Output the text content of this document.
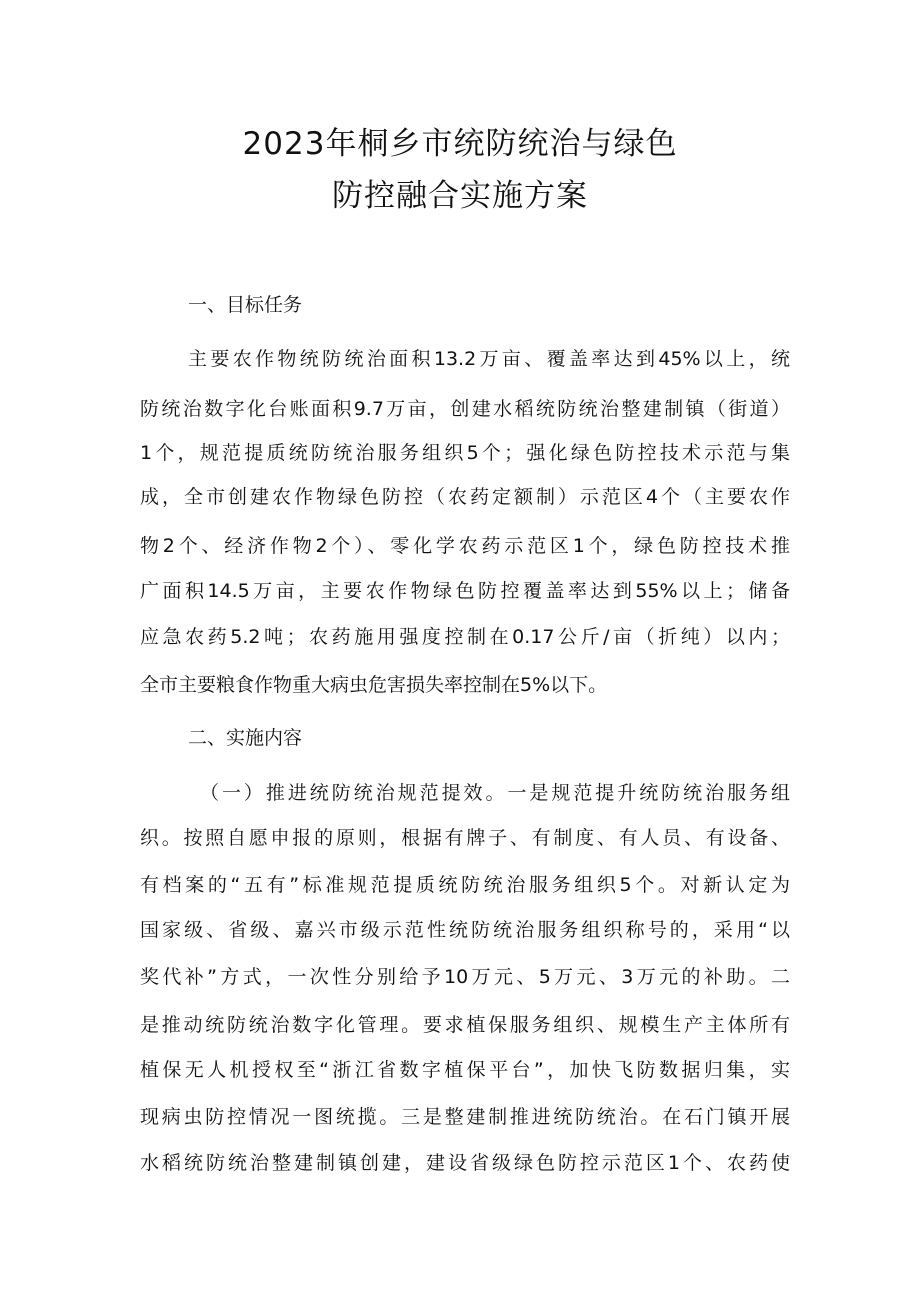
2023年桐乡市统防统治与绿色
防控融合实施方案
一、目标任务
主要农作物统防统治面积13.2万亩、覆盖率达到45%以上，统
防统治数字化台账面积9.7万亩，创建水稻统防统治整建制镇（街道）
1个，规范提质统防统治服务组织5个；强化绿色防控技术示范与集
成，全市创建农作物绿色防控（农药定额制）示范区4个（主要农作
物2个、经济作物2个）、零化学农药示范区1个，绿色防控技术推
广面积14.5万亩，主要农作物绿色防控覆盖率达到55%以上；储备
应急农药5.2吨；农药施用强度控制在0.17公斤/亩（折纯）以内；
全市主要粮食作物重大病虫危害损失率控制在5%以下。
二、实施内容
（一）推进统防统治规范提效。一是规范提升统防统治服务组
织。按照自愿申报的原则，根据有牌子、有制度、有人员、有设备、
有档案的“五有”标准规范提质统防统治服务组织5个。对新认定为
国家级、省级、嘉兴市级示范性统防统治服务组织称号的，采用“以
奖代补”方式，一次性分别给予10万元、5万元、3万元的补助。二
是推动统防统治数字化管理。要求植保服务组织、规模生产主体所有
植保无人机授权至“浙江省数字植保平台”，加快飞防数据归集，实
现病虫防控情况一图统揽。三是整建制推进统防统治。在石门镇开展
水稻统防统治整建制镇创建，建设省级绿色防控示范区1个、农药使
